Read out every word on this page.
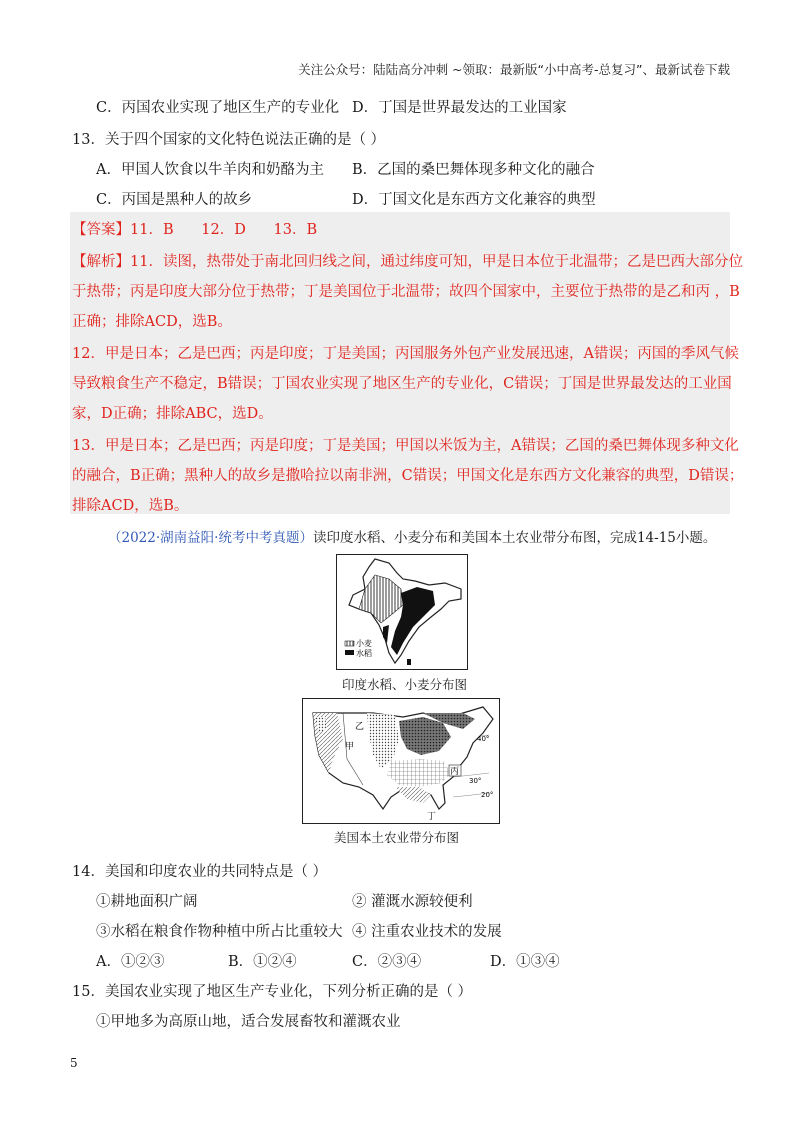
关注公众号：陆陆高分冲刺 ~领取：最新版“小中高考-总复习”、最新试卷下载
C．丙国农业实现了地区生产的专业化 D．丁国是世界最发达的工业国家
13．关于四个国家的文化特色说法正确的是（ ）
A．甲国人饮食以牛羊肉和奶酪为主 B．乙国的桑巴舞体现多种文化的融合
C．丙国是黑种人的故乡	D．丁国文化是东西方文化兼容的典型
【答案】11．B      12．D      13．B
【解析】11．读图，热带处于南北回归线之间，通过纬度可知，甲是日本位于北温带；乙是巴西大部分位
于热带；丙是印度大部分位于热带；丁是美国位于北温带；故四个国家中，主要位于热带的是乙和丙 ，B
正确；排除ACD，选B。
12．甲是日本；乙是巴西；丙是印度；丁是美国；丙国服务外包产业发展迅速，A错误；丙国的季风气候
导致粮食生产不稳定，B错误；丁国农业实现了地区生产的专业化，C错误；丁国是世界最发达的工业国
家，D正确；排除ABC，选D。
13．甲是日本；乙是巴西；丙是印度；丁是美国；甲国以米饭为主，A错误；乙国的桑巴舞体现多种文化
的融合，B正确；黑种人的故乡是撒哈拉以南非洲，C错误；甲国文化是东西方文化兼容的典型，D错误；
排除ACD，选B。
（2022·湖南益阳·统考中考真题）读印度水稻、小麦分布和美国本土农业带分布图，完成14-15小题。
小麦
水稻
印度水稻、小麦分布图
甲
乙
丙
丁
40°
30°
20°
美国本土农业带分布图
14．美国和印度农业的共同特点是（ ）
①耕地面积广阔	② 灌溉水源较便利
③水稻在粮食作物种植中所占比重较大 ④ 注重农业技术的发展
A．①②③	B．①②④	C．②③④	D．①③④
15．美国农业实现了地区生产专业化，下列分析正确的是（ ）
①甲地多为高原山地，适合发展畜牧和灌溉农业
5
